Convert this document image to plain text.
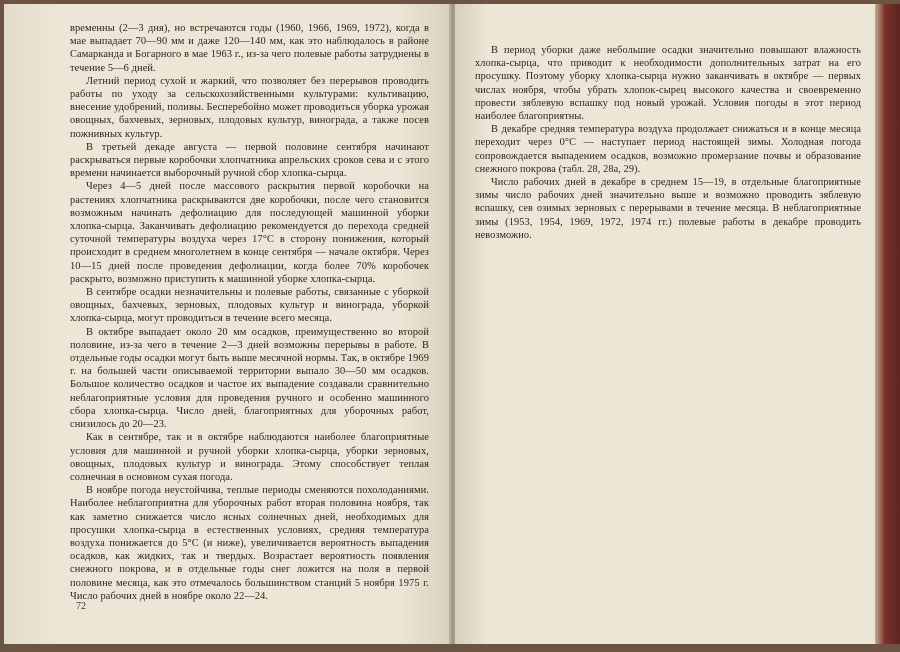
временны (2—3 дня), но встречаются годы (1960, 1966, 1969, 1972), когда в мае выпадает 70—90 мм и даже 120—140 мм, как это наблюдалось в районе Самарканда и Богарного в мае 1963 г., из-за чего полевые работы затруднены в течение 5—6 дней.

Летний период сухой и жаркий, что позволяет без перерывов проводить работы по уходу за сельскохозяйственными культурами: культивацию, внесение удобрений, поливы. Бесперебойно может проводиться уборка урожая овощных, бахчевых, зерновых, плодовых культур, винограда, а также посев пожнивных культур.

В третьей декаде августа — первой половине сентября начинают раскрываться первые коробочки хлопчатника апрельских сроков сева и с этого времени начинается выборочный ручной сбор хлопка-сырца.

Через 4—5 дней после массового раскрытия первой коробочки на растениях хлопчатника раскрываются две коробочки, после чего становится возможным начинать дефолиацию для последующей машинной уборки хлопка-сырца. Заканчивать дефолиацию рекомендуется до перехода средней суточной температуры воздуха через 17°С в сторону понижения, который происходит в среднем многолетнем в конце сентября — начале октября. Через 10—15 дней после проведения дефолиации, когда более 70% коробочек раскрыто, возможно приступить к машинной уборке хлопка-сырца.

В сентябре осадки незначительны и полевые работы, связанные с уборкой овощных, бахчевых, зерновых, плодовых культур и винограда, уборкой хлопка-сырца, могут проводиться в течение всего месяца.

В октябре выпадает около 20 мм осадков, преимущественно во второй половине, из-за чего в течение 2—3 дней возможны перерывы в работе. В отдельные годы осадки могут быть выше месячной нормы. Так, в октябре 1969 г. на большей части описываемой территории выпало 30—50 мм осадков. Большое количество осадков и частое их выпадение создавали сравнительно неблагоприятные условия для проведения ручного и особенно машинного сбора хлопка-сырца. Число дней, благоприятных для уборочных работ, снизилось до 20—23.

Как в сентябре, так и в октябре наблюдаются наиболее благоприятные условия для машинной и ручной уборки хлопка-сырца, уборки зерновых, овощных, плодовых культур и винограда. Этому способствует теплая солнечная в основном сухая погода.

В ноябре погода неустойчива, теплые периоды сменяются похолоданиями. Наиболее неблагоприятна для уборочных работ вторая половина ноября, так как заметно снижается число ясных солнечных дней, необходимых для просушки хлопка-сырца в естественных условиях, средняя температура воздуха понижается до 5°С (и ниже), увеличивается вероятность выпадения осадков, как жидких, так и твердых. Возрастает вероятность появления снежного покрова, и в отдельные годы снег ложится на поля в первой половине месяца, как это отмечалось большинством станций 5 ноября 1975 г. Число рабочих дней в ноябре около 22—24.

72

В период уборки даже небольшие осадки значительно повышают влажность хлопка-сырца, что приводит к необходимости дополнительных затрат на его просушку. Поэтому уборку хлопка-сырца нужно заканчивать в октябре — первых числах ноября, чтобы убрать хлопок-сырец высокого качества и своевременно провести зяблевую вспашку под новый урожай. Условия погоды в этот период наиболее благоприятны.

В декабре средняя температура воздуха продолжает снижаться и в конце месяца переходит через 0°С — наступает период настоящей зимы. Холодная погода сопровождается выпадением осадков, возможно промерзание почвы и образование снежного покрова (табл. 28, 28а, 29).

Число рабочих дней в декабре в среднем 15—19, в отдельные благоприятные зимы число рабочих дней значительно выше и возможно проводить зяблевую вспашку, сев озимых зерновых с перерывами в течение месяца. В неблагоприятные зимы (1953, 1954, 1969, 1972, 1974 гг.) полевые работы в декабре проводить невозможно.
